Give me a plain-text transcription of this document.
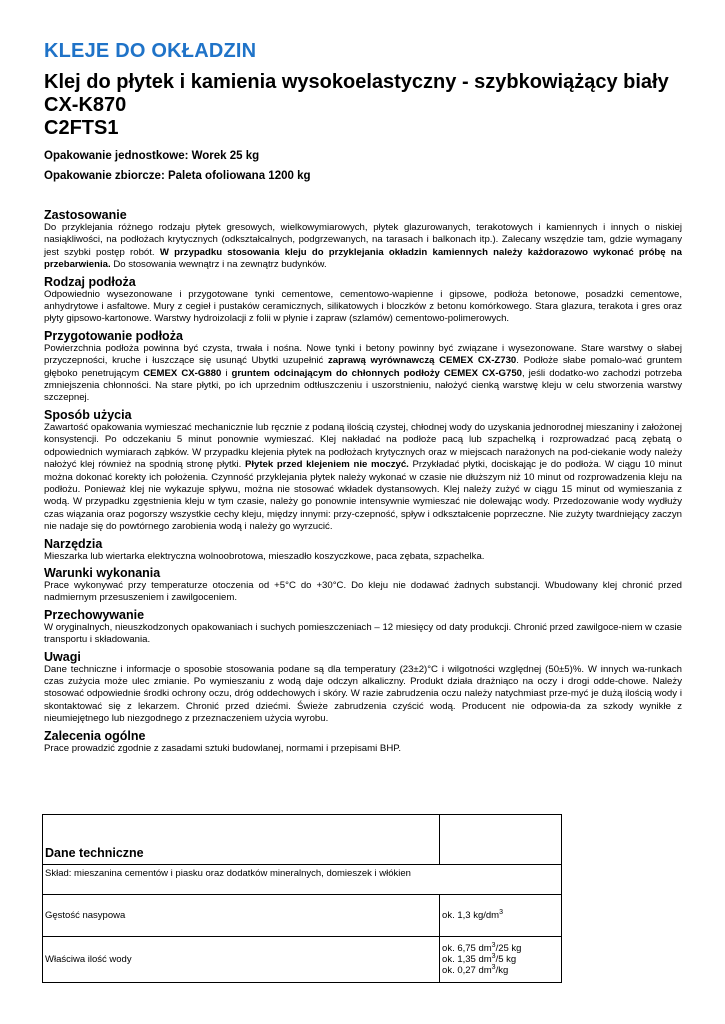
KLEJE DO OKŁADZIN
Klej do płytek i kamienia wysokoelastyczny - szybkowiążący biały
CX-K870
C2FTS1
Opakowanie jednostkowe: Worek 25 kg
Opakowanie zbiorcze: Paleta ofoliowana 1200 kg
Zastosowanie

Do przyklejania różnego rodzaju płytek gresowych, wielkowymiarowych, płytek glazurowanych, terakotowych i kamiennych i innych o niskiej nasiąkliwości, na podłożach krytycznych (odkształcalnych, podgrzewanych, na tarasach i balkonach itp.). Zalecany wszędzie tam, gdzie wymagany jest szybki postęp robót. W przypadku stosowania kleju do przyklejania okładzin kamiennych należy każdorazowo wykonać próbę na przebarwienia. Do stosowania wewnątrz i na zewnątrz budynków.

Rodzaj podłoża

Odpowiednio wysezonowane i przygotowane tynki cementowe, cementowo-wapienne i gipsowe, podłoża betonowe, posadzki cementowe, anhydrytowe i asfaltowe. Mury z cegieł i pustaków ceramicznych, silikatowych i bloczków z betonu komórkowego. Stara glazura, terakota i gres oraz płyty gipsowo-kartonowe. Warstwy hydroizolacji z folii w płynie i zapraw (szlamów) cementowo-polimerowych.

Przygotowanie podłoża

Powierzchnia podłoża powinna być czysta, trwała i nośna. Nowe tynki i betony powinny być związane i wysezonowane. Stare warstwy o słabej przyczepności, kruche i łuszczące się usunąć Ubytki uzupełnić zaprawą wyrównawczą CEMEX CX-Z730. Podłoże słabe pomalo-wać gruntem głęboko penetrującym CEMEX CX-G880 i gruntem odcinającym do chłonnych podłoży CEMEX CX-G750, jeśli dodatko-wo zachodzi potrzeba zmniejszenia chłonności. Na stare płytki, po ich uprzednim odtłuszczeniu i uszorstnieniu, nałożyć cienką warstwę kleju w celu stworzenia warstwy szczepnej.

Sposób użycia

Zawartość opakowania wymieszać mechanicznie lub ręcznie z podaną ilością czystej, chłodnej wody do uzyskania jednorodnej mieszaniny i założonej konsystencji. Po odczekaniu 5 minut ponownie wymieszać. Klej nakładać na podłoże pacą lub szpachelką i rozprowadzać pacą zębatą o odpowiednich wymiarach ząbków. W przypadku klejenia płytek na podłożach krytycznych oraz w miejscach narażonych na pod-ciekanie wody należy nałożyć klej również na spodnią stronę płytki. Płytek przed klejeniem nie moczyć. Przykładać płytki, dociskając je do podłoża. W ciągu 10 minut można dokonać korekty ich położenia. Czynność przyklejania płytek należy wykonać w czasie nie dłuższym niż 10 minut od rozprowadzenia kleju na podłożu. Ponieważ klej nie wykazuje spływu, można nie stosować wkładek dystansowych. Klej należy zużyć w ciągu 15 minut od wymieszania z wodą. W przypadku zgęstnienia kleju w tym czasie, należy go ponownie intensywnie wymieszać nie dolewając wody. Przedozowanie wody wydłuży czas wiązania oraz pogorszy wszystkie cechy kleju, między innymi: przy-czepność, spływ i odkształcenie poprzeczne. Nie zużyty twardniejący zaczyn nie nadaje się do powtórnego zarobienia wodą i należy go wyrzucić.

Narzędzia

Mieszarka lub wiertarka elektryczna wolnoobrotowa, mieszadło koszyczkowe, paca zębata, szpachelka.

Warunki wykonania

Prace wykonywać przy temperaturze otoczenia od +5°C do +30°C. Do kleju nie dodawać żadnych substancji. Wbudowany klej chronić przed nadmiernym przesuszeniem i zawilgoceniem.

Przechowywanie

W oryginalnych, nieuszkodzonych opakowaniach i suchych pomieszczeniach – 12 miesięcy od daty produkcji. Chronić przed zawilgoce-niem w czasie transportu i składowania.

Uwagi

Dane techniczne i informacje o sposobie stosowania podane są dla temperatury (23±2)°C i wilgotności względnej (50±5)%. W innych wa-runkach czas zużycia może ulec zmianie. Po wymieszaniu z wodą daje odczyn alkaliczny. Produkt działa drażniąco na oczy i drogi odde-chowe. Należy stosować odpowiednie środki ochrony oczu, dróg oddechowych i skóry. W razie zabrudzenia oczu należy natychmiast prze-myć je dużą ilością wody i skontaktować się z lekarzem. Chronić przed dziećmi. Świeże zabrudzenia czyścić wodą. Producent nie odpowia-da za szkody wynikłe z nieumiejętnego lub niezgodnego z przeznaczeniem użycia wyrobu.

Zalecenia ogólne

Prace prowadzić zgodnie z zasadami sztuki budowlanej, normami i przepisami BHP.

Dane techniczne	
Skład: mieszanina cementów i piasku oraz dodatków mineralnych, domieszek i włókien	
Gęstość nasypowa	ok. 1,3 $kg/dm^3$
Właściwa ilość wody	ok. 6,75 $dm^3/25$ kg
ok. 1,35 $dm^3/5$ kg
ok. 0,27 $dm^3/kg$
